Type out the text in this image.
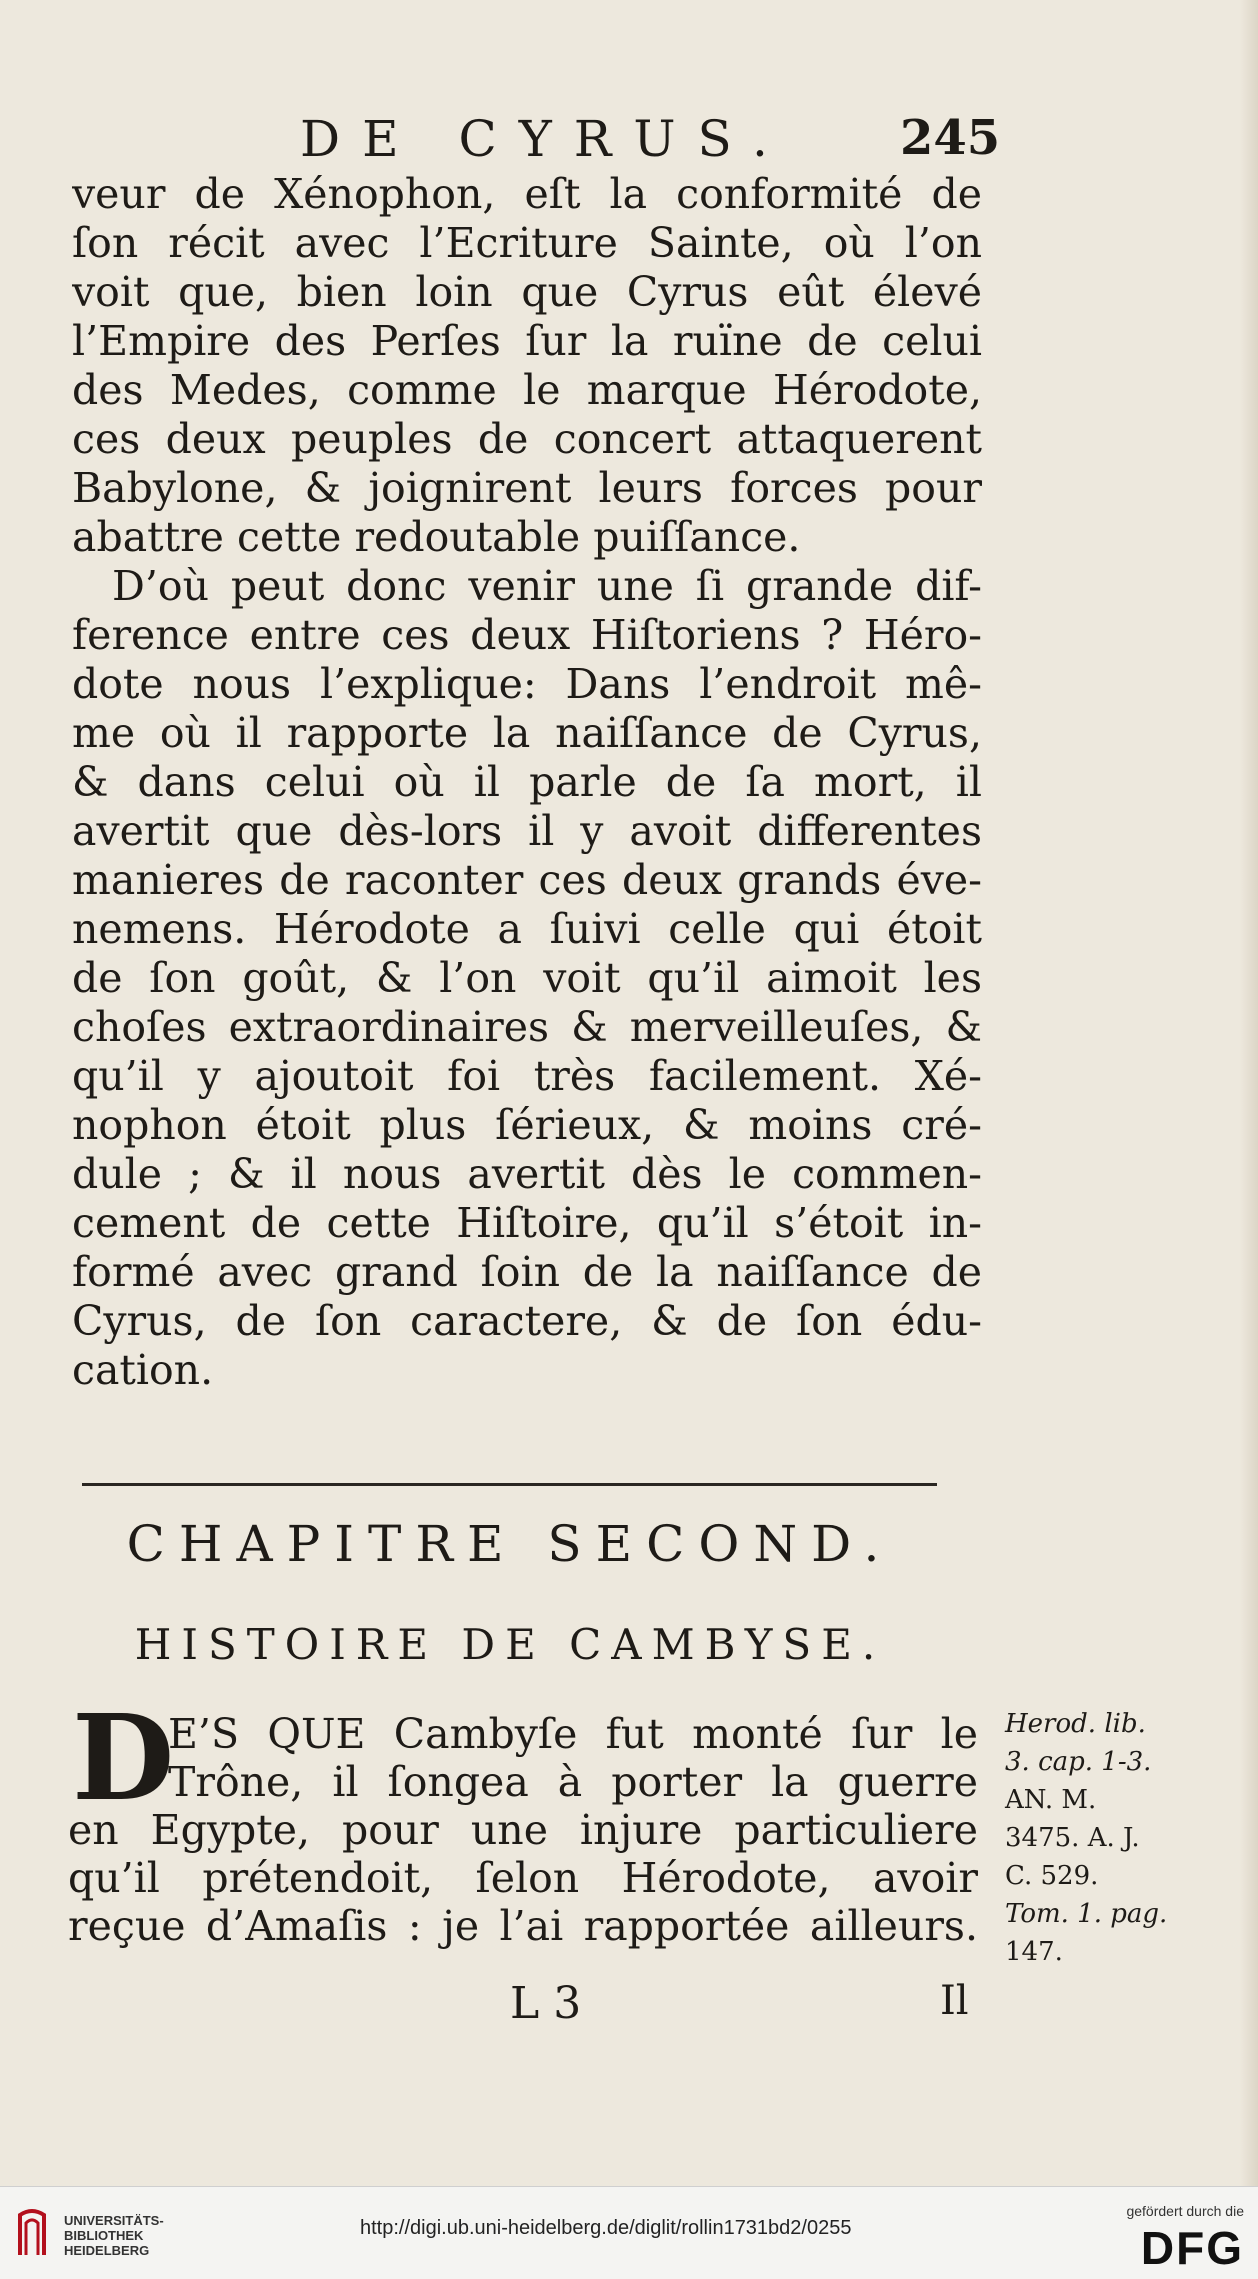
DE CYRUS. 245
veur de Xénophon, eſt la conformité de
ſon récit avec l’Ecriture Sainte, où l’on
voit que, bien loin que Cyrus eût élevé
l’Empire des Perſes ſur la ruïne de celui
des Medes, comme le marque Hérodote,
ces deux peuples de concert attaquerent
Babylone, & joignirent leurs forces pour
abattre cette redoutable puiſſance.
D’où peut donc venir une ſi grande dif-
ference entre ces deux Hiſtoriens ? Héro-
dote nous l’explique: Dans l’endroit mê-
me où il rapporte la naiſſance de Cyrus,
& dans celui où il parle de ſa mort, il
avertit que dès-lors il y avoit differentes
manieres de raconter ces deux grands éve-
nemens. Hérodote a ſuivi celle qui étoit
de ſon goût, & l’on voit qu’il aimoit les
choſes extraordinaires & merveilleuſes, &
qu’il y ajoutoit foi très facilement. Xé-
nophon étoit plus ſérieux, & moins cré-
dule ; & il nous avertit dès le commen-
cement de cette Hiſtoire, qu’il s’étoit in-
formé avec grand ſoin de la naiſſance de
Cyrus, de ſon caractere, & de ſon édu-
cation.
CHAPITRE SECOND.
HISTOIRE DE CAMBYSE.
D
E’S QUE Cambyſe fut monté ſur le
Trône, il ſongea à porter la guerre
en Egypte, pour une injure particuliere
qu’il prétendoit, ſelon Hérodote, avoir
reçue d’Amaſis : je l’ai rapportée ailleurs.
Herod. lib.
3. cap. 1-3.
AN. M.
3475. A. J.
C. 529.
Tom. 1. pag.
147.
L 3	Il
UNIVERSITÄTS-
BIBLIOTHEK
HEIDELBERG
http://digi.ub.uni-heidelberg.de/diglit/rollin1731bd2/0255
gefördert durch die
DFG
